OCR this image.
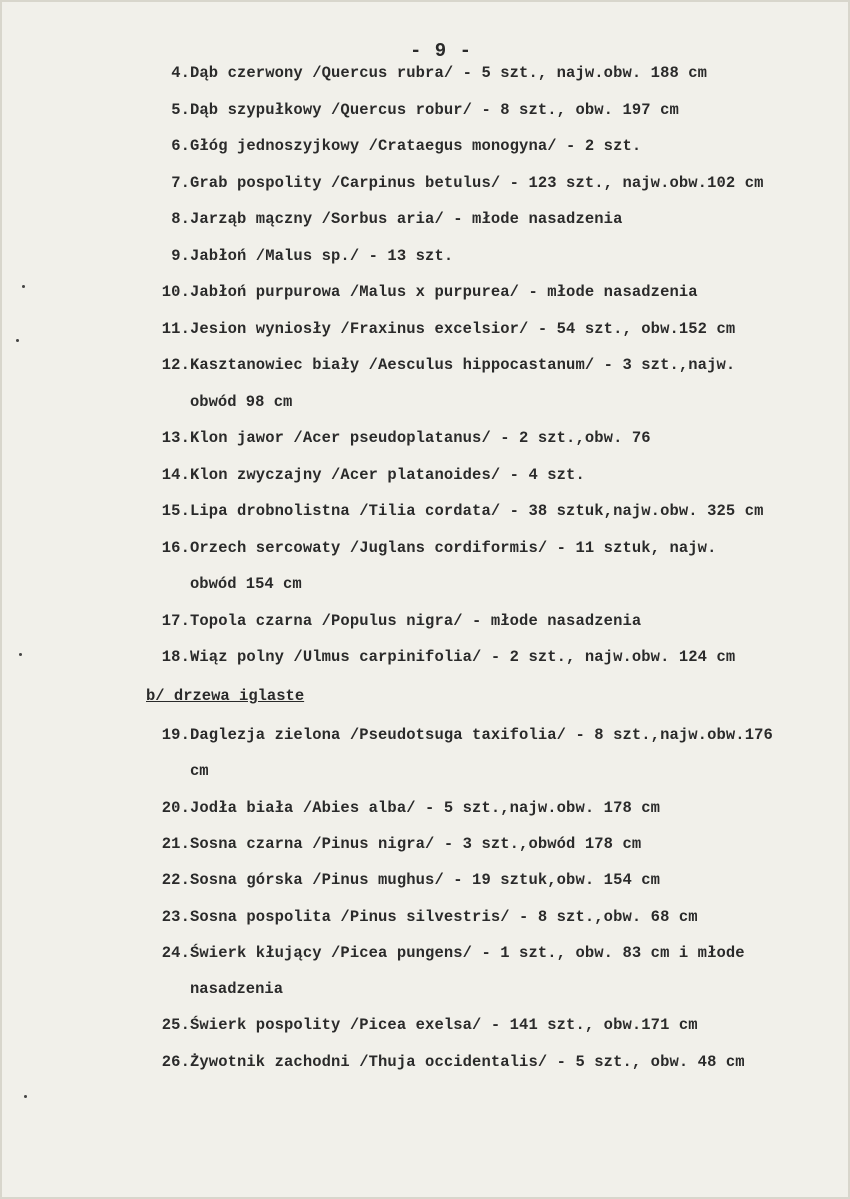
- 9 -
4.Dąb czerwony /Quercus rubra/ - 5 szt., najw.obw. 188 cm
5.Dąb szypułkowy /Quercus robur/ - 8 szt., obw. 197 cm
6.Głóg jednoszyjkowy /Crataegus monogyna/ - 2 szt.
7.Grab pospolity /Carpinus betulus/ - 123 szt., najw.obw.102 cm
8.Jarząb mączny /Sorbus aria/ - młode nasadzenia
9.Jabłoń /Malus sp./ - 13 szt.
10.Jabłoń purpurowa /Malus x purpurea/ - młode nasadzenia
11.Jesion wyniosły /Fraxinus excelsior/ - 54 szt., obw.152 cm
12.Kasztanowiec biały /Aesculus hippocastanum/ - 3 szt.,najw.
obwód 98 cm
13.Klon jawor /Acer pseudoplatanus/ - 2 szt.,obw. 76
14.Klon zwyczajny /Acer platanoides/ - 4 szt.
15.Lipa drobnolistna /Tilia cordata/ - 38 sztuk,najw.obw. 325 cm
16.Orzech sercowaty /Juglans cordiformis/ - 11 sztuk, najw.
obwód 154 cm
17.Topola czarna /Populus nigra/ - młode nasadzenia
18.Wiąz polny /Ulmus carpinifolia/ - 2 szt., najw.obw. 124 cm
b/ drzewa iglaste
19.Daglezja zielona /Pseudotsuga taxifolia/ - 8 szt.,najw.obw.176
cm
20.Jodła biała /Abies alba/ - 5 szt.,najw.obw. 178 cm
21.Sosna czarna /Pinus nigra/ - 3 szt.,obwód 178 cm
22.Sosna górska /Pinus mughus/ - 19 sztuk,obw. 154 cm
23.Sosna pospolita /Pinus silvestris/ - 8 szt.,obw. 68 cm
24.Świerk kłujący /Picea pungens/ - 1 szt., obw. 83 cm i młode
nasadzenia
25.Świerk pospolity /Picea exelsa/ - 141 szt., obw.171 cm
26.Żywotnik zachodni /Thuja occidentalis/ - 5 szt., obw. 48 cm
